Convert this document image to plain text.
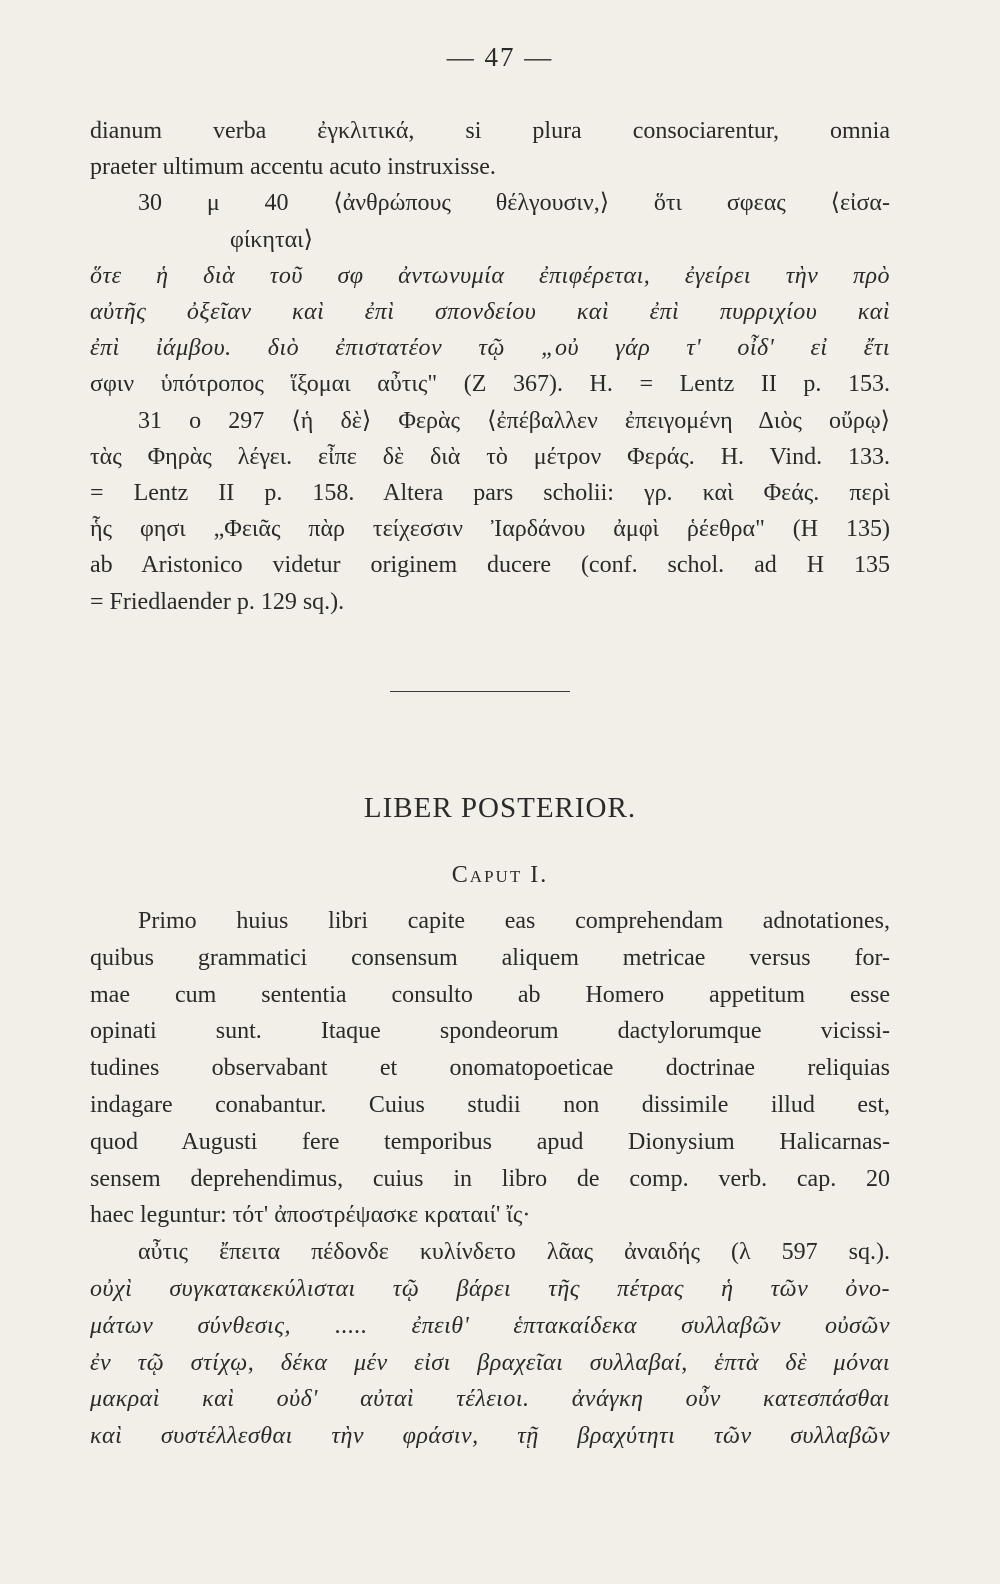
— 47 —
dianum verba ἐγκλιτικά, si plura consociarentur, omnia
praeter ultimum accentu acuto instruxisse.
30 μ 40 ⟨ἀνθρώπους θέλγουσιν,⟩ ὅτι σφεας ⟨εἰσα-
φίκηται⟩
ὅτε ἡ διὰ τοῦ σφ ἀντωνυμία ἐπιφέρεται, ἐγείρει τὴν πρὸ
αὐτῆς ὀξεῖαν καὶ ἐπὶ σπονδείου καὶ ἐπὶ πυρριχίου καὶ
ἐπὶ ἰάμβου. διὸ ἐπιστατέον τῷ „οὐ γάρ τ' οἶδ' εἰ ἔτι
σφιν ὑπότροπος ἵξομαι αὖτις" (Z 367). H. = Lentz II p. 153.
31 ο 297 ⟨ἡ δὲ⟩ Φερὰς ⟨ἐπέβαλλεν ἐπειγομένη Διὸς οὔρῳ⟩
τὰς Φηρὰς λέγει. εἶπε δὲ διὰ τὸ μέτρον Φεράς. H. Vind. 133.
= Lentz II p. 158. Altera pars scholii: γρ. καὶ Φεάς. περὶ
ἧς φησι „Φειᾶς πὰρ τείχεσσιν Ἰαρδάνου ἀμφὶ ῥέεθρα" (H 135)
ab Aristonico videtur originem ducere (conf. schol. ad H 135
= Friedlaender p. 129 sq.).
LIBER POSTERIOR.
Caput I.
Primo huius libri capite eas comprehendam adnotationes,
quibus grammatici consensum aliquem metricae versus for-
mae cum sententia consulto ab Homero appetitum esse
opinati sunt. Itaque spondeorum dactylorumque vicissi-
tudines observabant et onomatopoeticae doctrinae reliquias
indagare conabantur. Cuius studii non dissimile illud est,
quod Augusti fere temporibus apud Dionysium Halicarnas-
sensem deprehendimus, cuius in libro de comp. verb. cap. 20
haec leguntur: τότ' ἀποστρέψασκε κραταιί' ἴς·
αὖτις ἔπειτα πέδονδε κυλίνδετο λᾶας ἀναιδής (λ 597 sq.).
οὐχὶ συγκατακεκύλισται τῷ βάρει τῆς πέτρας ἡ τῶν ὀνο-
μάτων σύνθεσις, ..... ἐπειθ' ἑπτακαίδεκα συλλαβῶν οὐσῶν
ἐν τῷ στίχῳ, δέκα μέν εἰσι βραχεῖαι συλλαβαί, ἑπτὰ δὲ μόναι
μακραὶ καὶ οὐδ' αὐταὶ τέλειοι. ἀνάγκη οὖν κατεσπάσθαι
καὶ συστέλλεσθαι τὴν φράσιν, τῇ βραχύτητι τῶν συλλαβῶν
